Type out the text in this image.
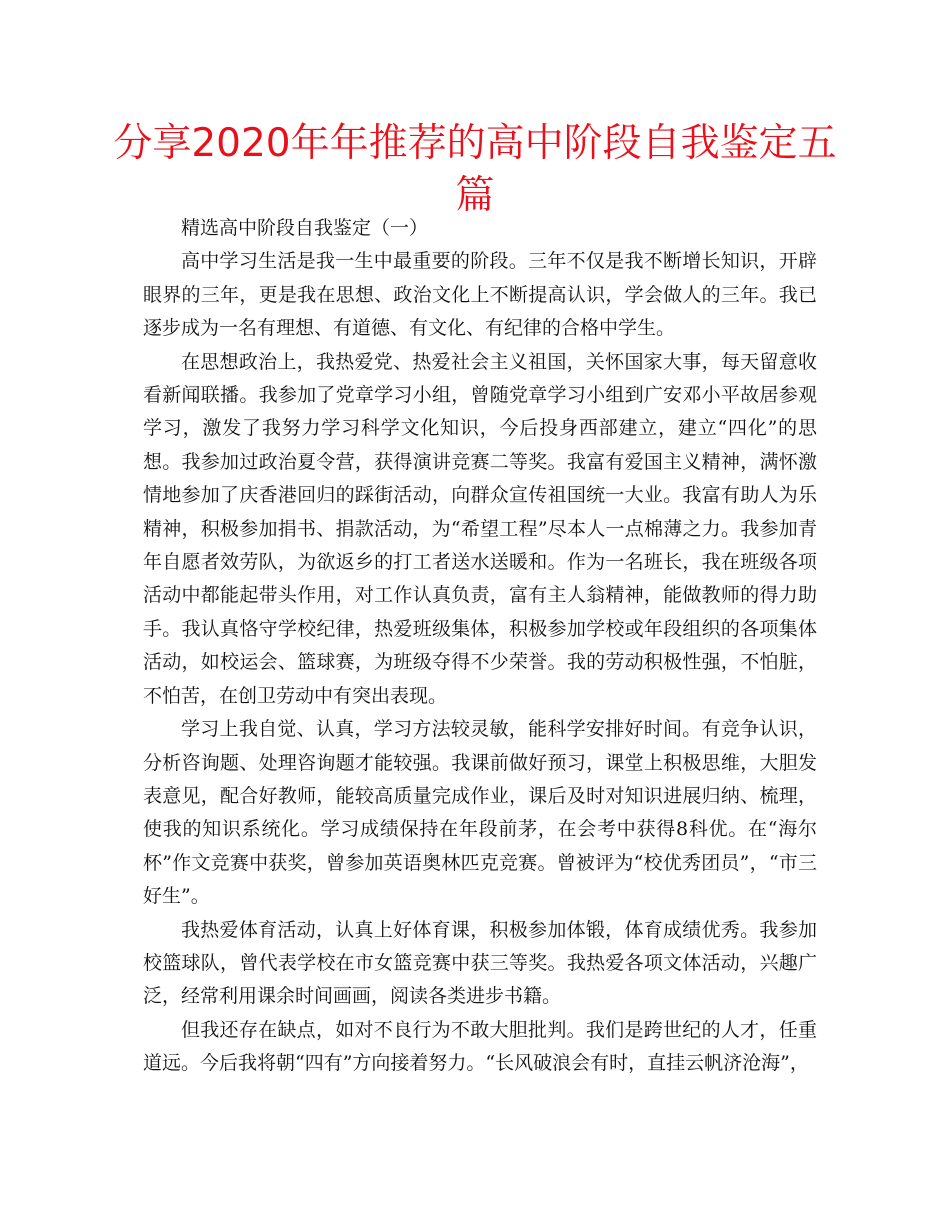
分享2020年年推荐的高中阶段自我鉴定五篇

精选高中阶段自我鉴定（一）

高中学习生活是我一生中最重要的阶段。三年不仅是我不断增长知识，开辟眼界的三年，更是我在思想、政治文化上不断提高认识，学会做人的三年。我已逐步成为一名有理想、有道德、有文化、有纪律的合格中学生。

在思想政治上，我热爱党、热爱社会主义祖国，关怀国家大事，每天留意收看新闻联播。我参加了党章学习小组，曾随党章学习小组到广安邓小平故居参观学习，激发了我努力学习科学文化知识，今后投身西部建立，建立“四化”的思想。我参加过政治夏令营，获得演讲竞赛二等奖。我富有爱国主义精神，满怀激情地参加了庆香港回归的踩街活动，向群众宣传祖国统一大业。我富有助人为乐精神，积极参加捐书、捐款活动，为“希望工程”尽本人一点棉薄之力。我参加青年自愿者效劳队，为欲返乡的打工者送水送暖和。作为一名班长，我在班级各项活动中都能起带头作用，对工作认真负责，富有主人翁精神，能做教师的得力助手。我认真恪守学校纪律，热爱班级集体，积极参加学校或年段组织的各项集体活动，如校运会、篮球赛，为班级夺得不少荣誉。我的劳动积极性强，不怕脏，不怕苦，在创卫劳动中有突出表现。

学习上我自觉、认真，学习方法较灵敏，能科学安排好时间。有竞争认识，分析咨询题、处理咨询题才能较强。我课前做好预习，课堂上积极思维，大胆发表意见，配合好教师，能较高质量完成作业，课后及时对知识进展归纳、梳理，使我的知识系统化。学习成绩保持在年段前茅，在会考中获得8科优。在“海尔杯”作文竞赛中获奖，曾参加英语奥林匹克竞赛。曾被评为“校优秀团员”，“市三好生”。

我热爱体育活动，认真上好体育课，积极参加体锻，体育成绩优秀。我参加校篮球队，曾代表学校在市女篮竞赛中获三等奖。我热爱各项文体活动，兴趣广泛，经常利用课余时间画画，阅读各类进步书籍。

但我还存在缺点，如对不良行为不敢大胆批判。我们是跨世纪的人才，任重道远。今后我将朝“四有”方向接着努力。“长风破浪会有时，直挂云帆济沧海”，
